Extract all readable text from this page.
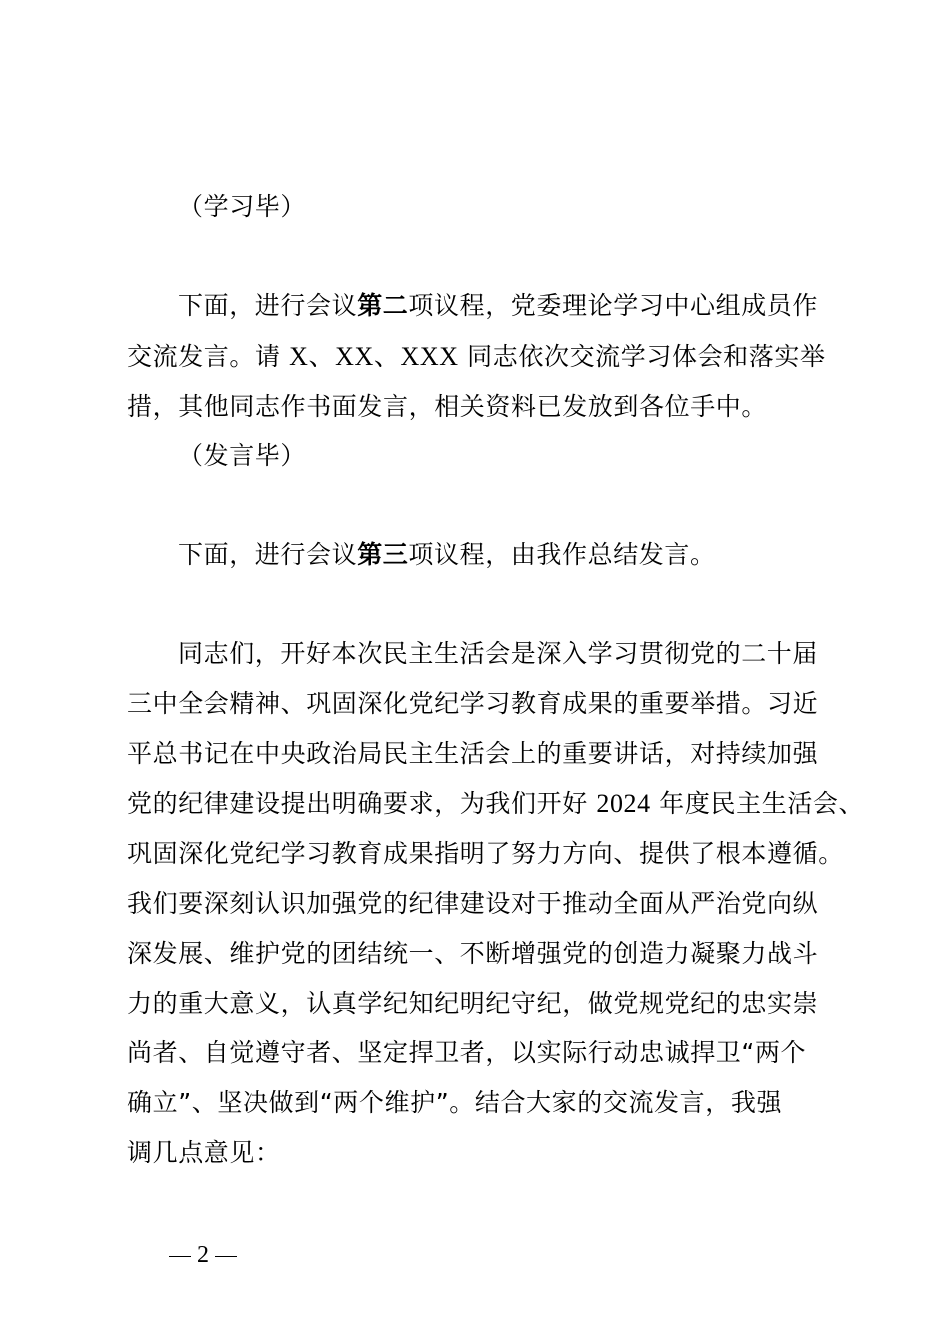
（学习毕）
下面，进行会议第二项议程，党委理论学习中心组成员作
交流发言。请 X、XX、XXX 同志依次交流学习体会和落实举
措，其他同志作书面发言，相关资料已发放到各位手中。
（发言毕）
下面，进行会议第三项议程，由我作总结发言。
同志们，开好本次民主生活会是深入学习贯彻党的二十届
三中全会精神、巩固深化党纪学习教育成果的重要举措。习近
平总书记在中央政治局民主生活会上的重要讲话，对持续加强
党的纪律建设提出明确要求，为我们开好 2024 年度民主生活会、
巩固深化党纪学习教育成果指明了努力方向、提供了根本遵循。
我们要深刻认识加强党的纪律建设对于推动全面从严治党向纵
深发展、维护党的团结统一、不断增强党的创造力凝聚力战斗
力的重大意义，认真学纪知纪明纪守纪，做党规党纪的忠实崇
尚者、自觉遵守者、坚定捍卫者，以实际行动忠诚捍卫“两个
确立”、坚决做到“两个维护”。结合大家的交流发言，我强
调几点意见：
2
